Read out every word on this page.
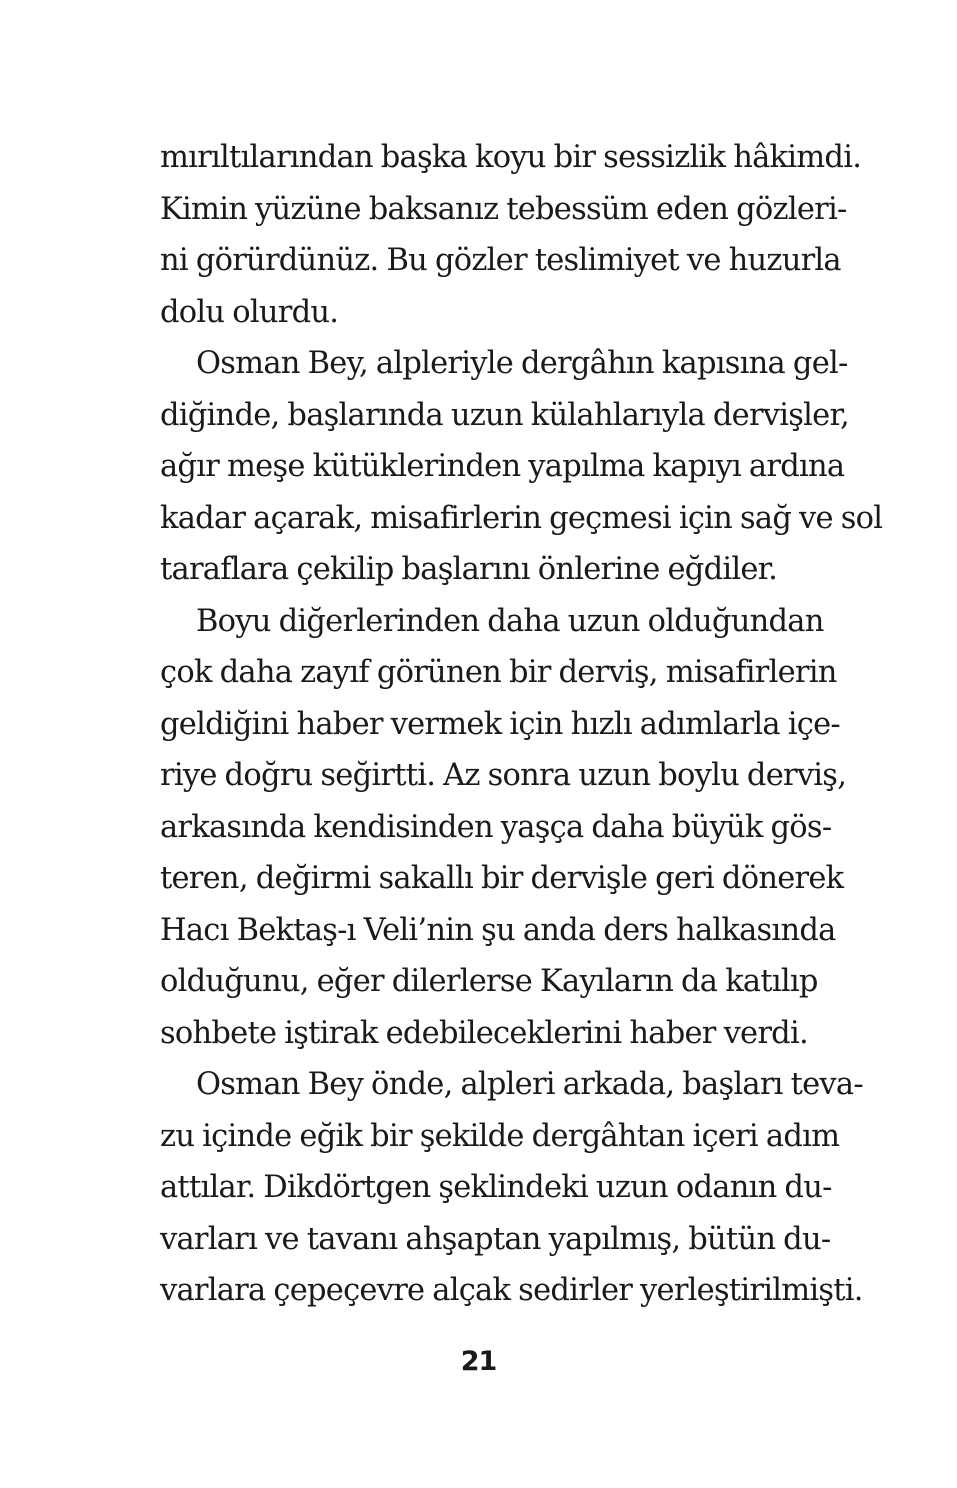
mırıltılarından başka koyu bir sessizlik hâkimdi.
Kimin yüzüne baksanız tebessüm eden gözleri-
ni görürdünüz. Bu gözler teslimiyet ve huzurla
dolu olurdu.
Osman Bey, alpleriyle dergâhın kapısına gel-
diğinde, başlarında uzun külahlarıyla dervişler,
ağır meşe kütüklerinden yapılma kapıyı ardına
kadar açarak, misafirlerin geçmesi için sağ ve sol
taraflara çekilip başlarını önlerine eğdiler.
Boyu diğerlerinden daha uzun olduğundan
çok daha zayıf görünen bir derviş, misafirlerin
geldiğini haber vermek için hızlı adımlarla içe-
riye doğru seğirtti. Az sonra uzun boylu derviş,
arkasında kendisinden yaşça daha büyük gös-
teren, değirmi sakallı bir dervişle geri dönerek
Hacı Bektaş-ı Veli’nin şu anda ders halkasında
olduğunu, eğer dilerlerse Kayıların da katılıp
sohbete iştirak edebileceklerini haber verdi.
Osman Bey önde, alpleri arkada, başları teva-
zu içinde eğik bir şekilde dergâhtan içeri adım
attılar. Dikdörtgen şeklindeki uzun odanın du-
varları ve tavanı ahşaptan yapılmış, bütün du-
varlara çepeçevre alçak sedirler yerleştirilmişti.
21
